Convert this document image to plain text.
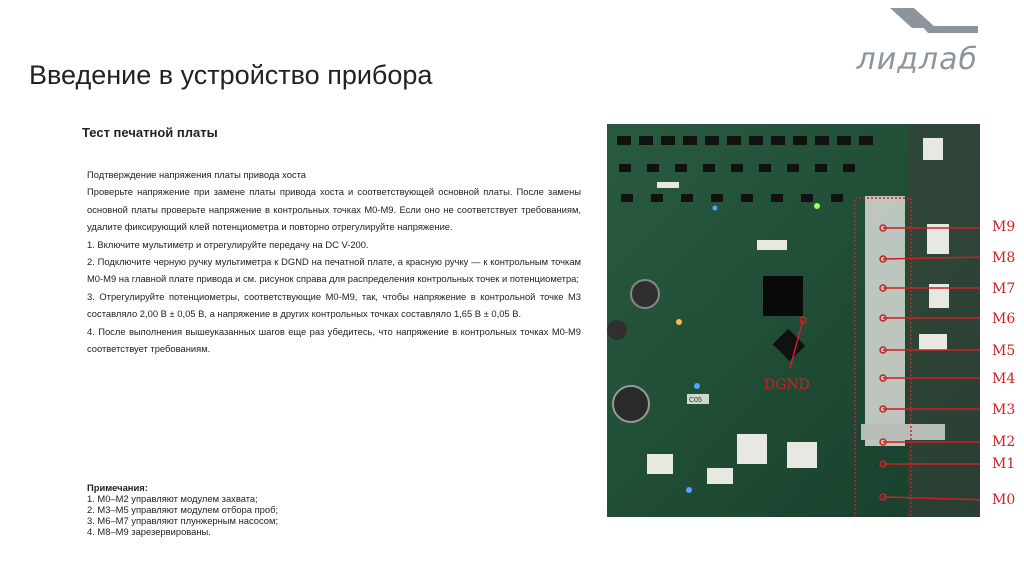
лидлаб
Введение в устройство прибора
Тест печатной платы

Подтверждение напряжения платы привода хоста

Проверьте напряжение при замене платы привода хоста и соответствующей основной платы. После замены основной платы проверьте напряжение в контрольных точках M0-M9. Если оно не соответствует требованиям, удалите фиксирующий клей потенциометра и повторно отрегулируйте напряжение.

1. Включите мультиметр и отрегулируйте передачу на DC V-200.

2. Подключите черную ручку мультиметра к DGND на печатной плате, а красную ручку — к контрольным точкам M0-M9 на главной плате привода и см. рисунок справа для распределения контрольных точек и потенциометра;

3. Отрегулируйте потенциометры, соответствующие M0-M9, так, чтобы напряжение в контрольной точке M3 составляло 2,00 В ± 0,05 В, а напряжение в других контрольных точках составляло 1,65 В ± 0,05 В.

4. После выполнения вышеуказанных шагов еще раз убедитесь, что напряжение в контрольных точках M0-M9 соответствует требованиям.

Примечания:

1. M0–M2 управляют модулем захвата;

2. M3–M5 управляют модулем отбора проб;

3. M6–M7 управляют плунжерным насосом;

4. M8–M9 зарезервированы.

C05
DGND
M9
M8
M7
M6
M5
M4
M3
M2
M1
M0
